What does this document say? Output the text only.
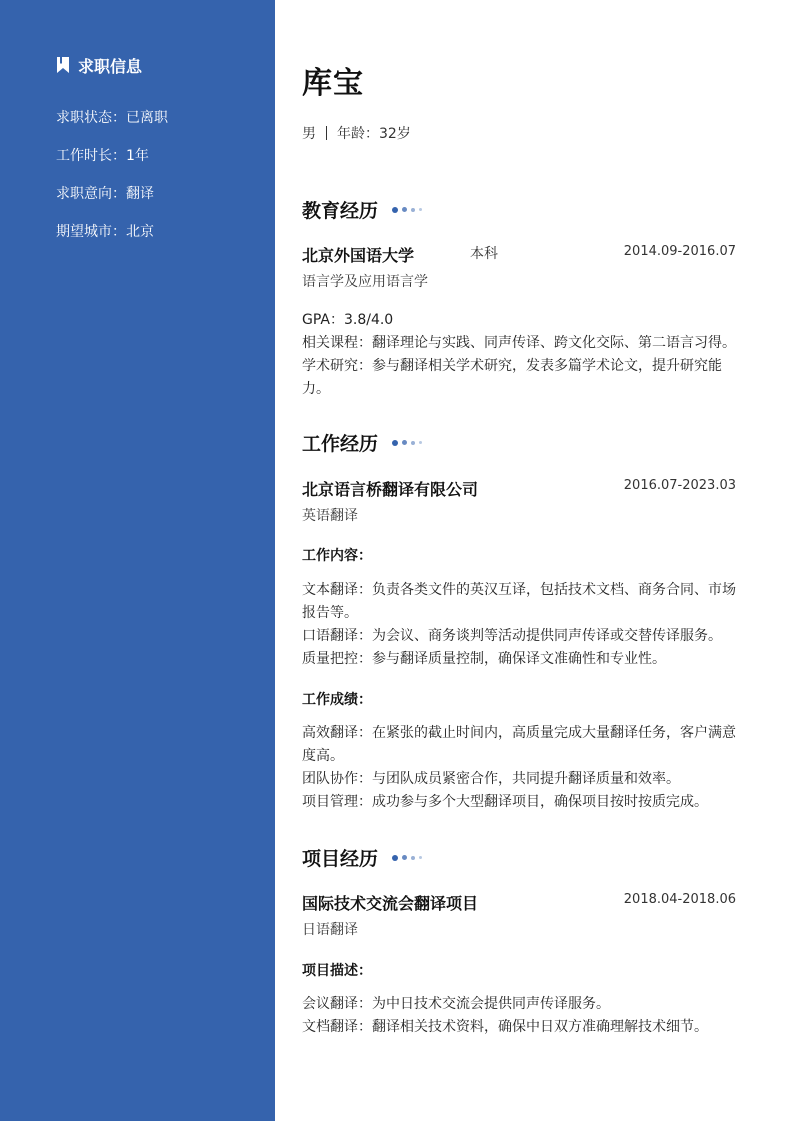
求职信息
求职状态：已离职
工作时长：1年
求职意向：翻译
期望城市：北京
库宝
男 年龄：32岁
教育经历
北京外国语大学	本科	2014.09-2016.07
语言学及应用语言学
GPA：3.8/4.0
相关课程：翻译理论与实践、同声传译、跨文化交际、第二语言习得。
学术研究：参与翻译相关学术研究，发表多篇学术论文，提升研究能力。
工作经历
北京语言桥翻译有限公司	2016.07-2023.03
英语翻译
工作内容：
文本翻译：负责各类文件的英汉互译，包括技术文档、商务合同、市场报告等。
口语翻译：为会议、商务谈判等活动提供同声传译或交替传译服务。
质量把控：参与翻译质量控制，确保译文准确性和专业性。
工作成绩：
高效翻译：在紧张的截止时间内，高质量完成大量翻译任务，客户满意度高。
团队协作：与团队成员紧密合作，共同提升翻译质量和效率。
项目管理：成功参与多个大型翻译项目，确保项目按时按质完成。
项目经历
国际技术交流会翻译项目	2018.04-2018.06
日语翻译
项目描述：
会议翻译：为中日技术交流会提供同声传译服务。
文档翻译：翻译相关技术资料，确保中日双方准确理解技术细节。
